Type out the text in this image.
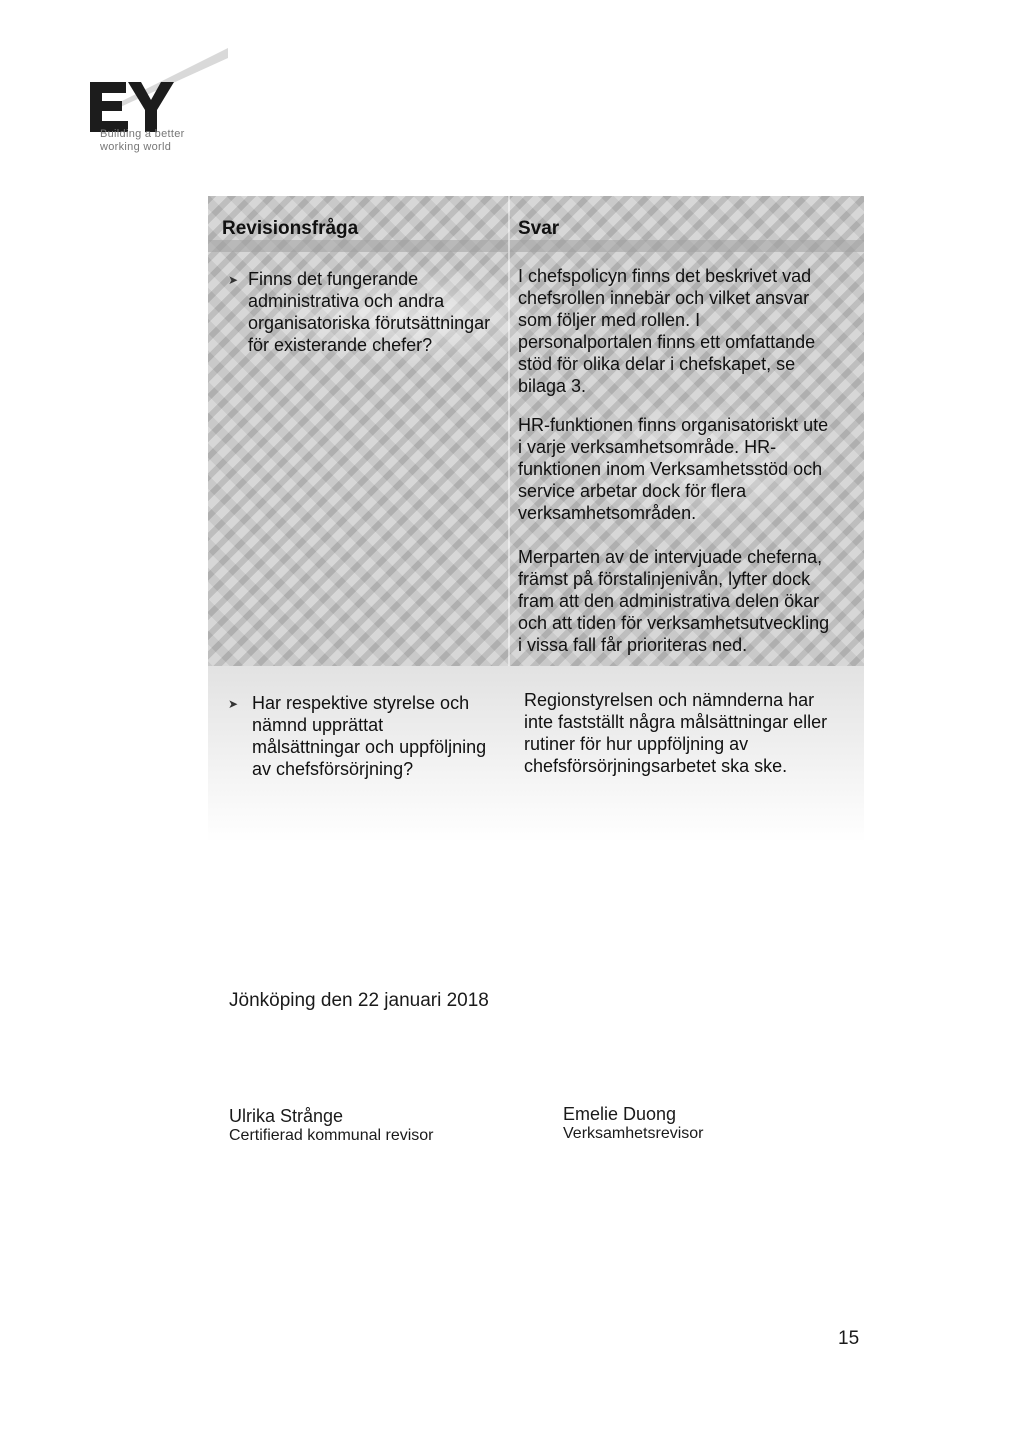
Building a better
working world
Revisionsfråga	Svar
➤ Finns det fungerande
administrativa och andra
organisatoriska förutsättningar
för existerande chefer?
I chefspolicyn finns det beskrivet vad
chefsrollen innebär och vilket ansvar
som följer med rollen. I
personalportalen finns ett omfattande
stöd för olika delar i chefskapet, se
bilaga 3.
HR-funktionen finns organisatoriskt ute
i varje verksamhetsområde. HR-
funktionen inom Verksamhetsstöd och
service arbetar dock för flera
verksamhetsområden.
Merparten av de intervjuade cheferna,
främst på förstalinjenivån, lyfter dock
fram att den administrativa delen ökar
och att tiden för verksamhetsutveckling
i vissa fall får prioriteras ned.
➤ Har respektive styrelse och
nämnd upprättat
målsättningar och uppföljning
av chefsförsörjning?
Regionstyrelsen och nämnderna har
inte fastställt några målsättningar eller
rutiner för hur uppföljning av
chefsförsörjningsarbetet ska ske.
Jönköping den 22 januari 2018
Ulrika Strånge
Certifierad kommunal revisor
Emelie Duong
Verksamhetsrevisor
15
